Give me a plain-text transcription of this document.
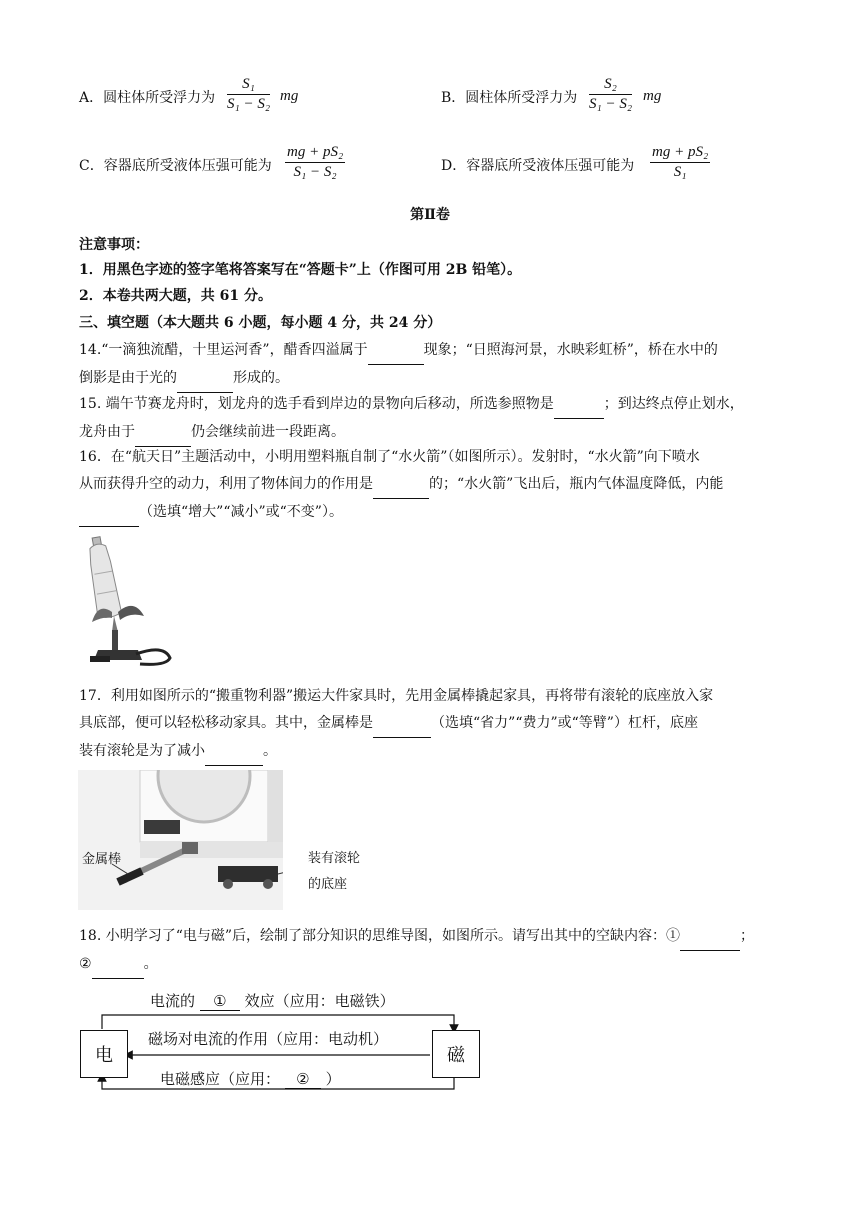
A．圆柱体所受浮力为 $\frac{\text{S₁}}{\text{S₁ − S₂}}$ mg	B．圆柱体所受浮力为 $\frac{\text{S₂}}{\text{S₁ − S₂}}$ mg
C．容器底所受液体压强可能为 $\frac{\text{mg + pS₂}}{\text{S₁ − S₂}}$	D．容器底所受液体压强可能为 $\frac{\text{mg + pS₂}}{\text{S₁}}$
第Ⅱ卷
注意事项：
1．用黑色字迹的签字笔将答案写在“答题卡”上（作图可用 2B 铅笔）。
2．本卷共两大题，共 61 分。
三、填空题（本大题共 6 小题，每小题 4 分，共 24 分）
14.“一滴独流醋，十里运河香”，醋香四溢属于	现象；“日照海河景，水映彩虹桥”，桥在水中的
倒影是由于光的	形成的。
15. 端午节赛龙舟时，划龙舟的选手看到岸边的景物向后移动，所选参照物是	；到达终点停止划水，
龙舟由于	仍会继续前进一段距离。
16．在“航天日”主题活动中，小明用塑料瓶自制了“水火箭”（如图所示）。发射时，“水火箭”向下喷水
从而获得升空的动力，利用了物体间力的作用是	的；“水火箭”飞出后，瓶内气体温度降低，内能
（选填“增大”“减小”或“不变”）。
17．利用如图所示的“搬重物利器”搬运大件家具时，先用金属棒撬起家具，再将带有滚轮的底座放入家
具底部，便可以轻松移动家具。其中，金属棒是	（选填“省力”“费力”或“等臂”）杠杆，底座
装有滚轮是为了减小	。
金属棒	装有滚轮
的底座
18. 小明学习了“电与磁”后，绘制了部分知识的思维导图，如图所示。请写出其中的空缺内容：①	；
②	。
电	磁
电流的 ① 效应（应用：电磁铁）
磁场对电流的作用（应用：电动机）
电磁感应（应用： ② ）
